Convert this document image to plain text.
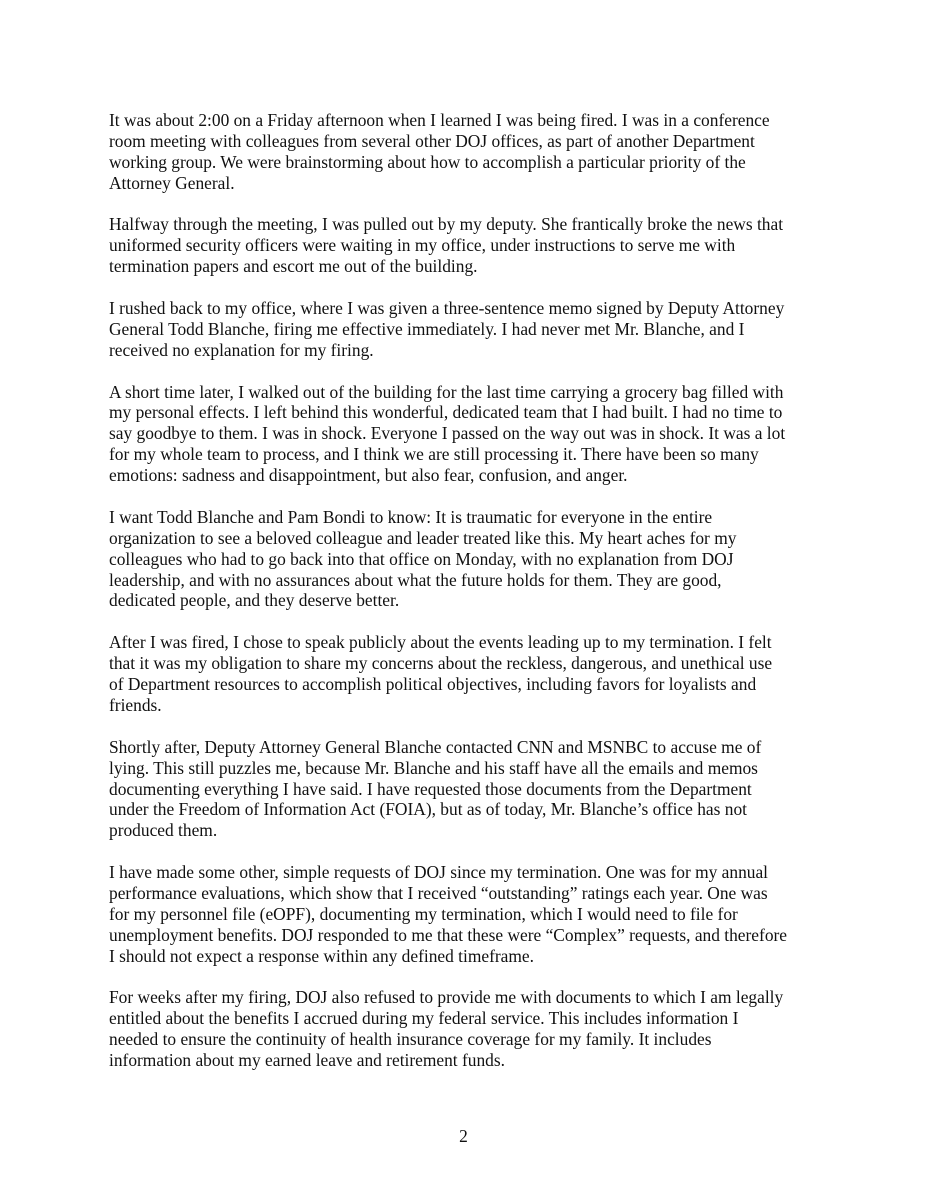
It was about 2:00 on a Friday afternoon when I learned I was being fired. I was in a conference
room meeting with colleagues from several other DOJ offices, as part of another Department
working group. We were brainstorming about how to accomplish a particular priority of the
Attorney General.
Halfway through the meeting, I was pulled out by my deputy. She frantically broke the news that
uniformed security officers were waiting in my office, under instructions to serve me with
termination papers and escort me out of the building.
I rushed back to my office, where I was given a three-sentence memo signed by Deputy Attorney
General Todd Blanche, firing me effective immediately. I had never met Mr. Blanche, and I
received no explanation for my firing.
A short time later, I walked out of the building for the last time carrying a grocery bag filled with
my personal effects. I left behind this wonderful, dedicated team that I had built. I had no time to
say goodbye to them. I was in shock. Everyone I passed on the way out was in shock. It was a lot
for my whole team to process, and I think we are still processing it. There have been so many
emotions: sadness and disappointment, but also fear, confusion, and anger.
I want Todd Blanche and Pam Bondi to know: It is traumatic for everyone in the entire
organization to see a beloved colleague and leader treated like this. My heart aches for my
colleagues who had to go back into that office on Monday, with no explanation from DOJ
leadership, and with no assurances about what the future holds for them. They are good,
dedicated people, and they deserve better.
After I was fired, I chose to speak publicly about the events leading up to my termination. I felt
that it was my obligation to share my concerns about the reckless, dangerous, and unethical use
of Department resources to accomplish political objectives, including favors for loyalists and
friends.
Shortly after, Deputy Attorney General Blanche contacted CNN and MSNBC to accuse me of
lying. This still puzzles me, because Mr. Blanche and his staff have all the emails and memos
documenting everything I have said. I have requested those documents from the Department
under the Freedom of Information Act (FOIA), but as of today, Mr. Blanche’s office has not
produced them.
I have made some other, simple requests of DOJ since my termination. One was for my annual
performance evaluations, which show that I received “outstanding” ratings each year. One was
for my personnel file (eOPF), documenting my termination, which I would need to file for
unemployment benefits. DOJ responded to me that these were “Complex” requests, and therefore
I should not expect a response within any defined timeframe.
For weeks after my firing, DOJ also refused to provide me with documents to which I am legally
entitled about the benefits I accrued during my federal service. This includes information I
needed to ensure the continuity of health insurance coverage for my family. It includes
information about my earned leave and retirement funds.
2
